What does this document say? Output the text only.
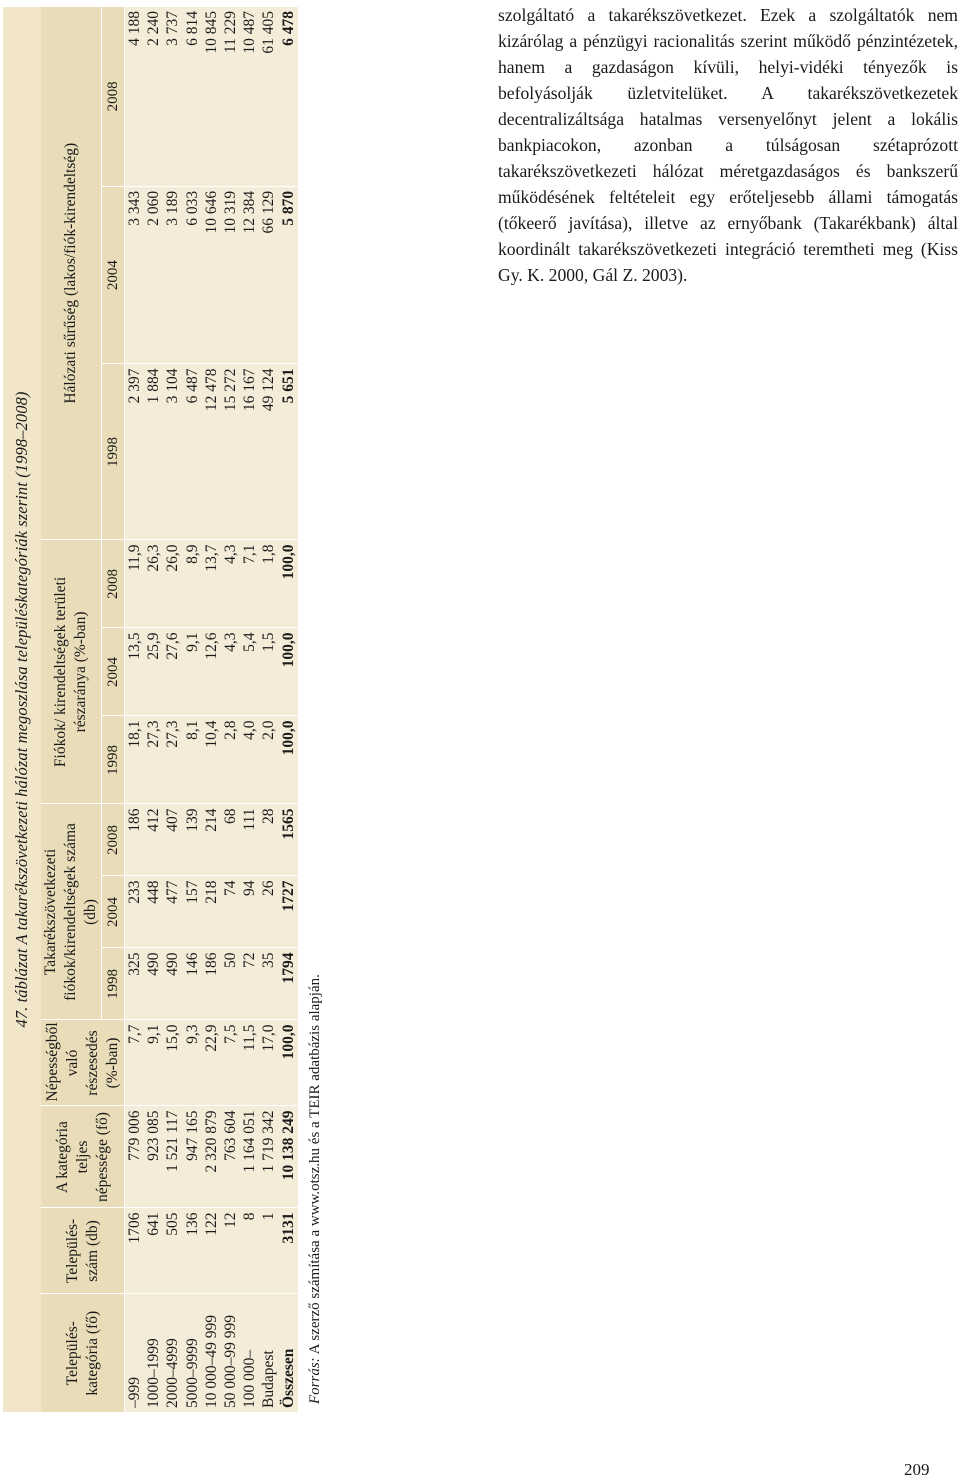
47. táblázat A takarékszövetkezeti hálózat megoszlása településkategóriák szerint (1998–2008)
Település-kategória (fő)	Település-szám (db)	A kategória teljes népessége (fő)	Népességből való részesedés (%-ban)	Takarékszövetkezeti fiókok/kirendeltségek száma (db)			Fiókok/ kirendeltségek területi részaránya (%-ban)			Hálózati sűrűség (lakos/fiók-kirendeltség)		
				1998	2004	2008	1998	2004	2008	1998	2004	2008
–999	1706	779 006	7,7	325	233	186	18,1	13,5	11,9	2 397	3 343	4 188
1000–1999	641	923 085	9,1	490	448	412	27,3	25,9	26,3	1 884	2 060	2 240
2000–4999	505	1 521 117	15,0	490	477	407	27,3	27,6	26,0	3 104	3 189	3 737
5000–9999	136	947 165	9,3	146	157	139	8,1	9,1	8,9	6 487	6 033	6 814
10 000–49 999	122	2 320 879	22,9	186	218	214	10,4	12,6	13,7	12 478	10 646	10 845
50 000–99 999	12	763 604	7,5	50	74	68	2,8	4,3	4,3	15 272	10 319	11 229
100 000–	8	1 164 051	11,5	72	94	111	4,0	5,4	7,1	16 167	12 384	10 487
Budapest	1	1 719 342	17,0	35	26	28	2,0	1,5	1,8	49 124	66 129	61 405
Összesen	3131	10 138 249	100,0	1794	1727	1565	100,0	100,0	100,0	5 651	5 870	6 478
Forrás: A szerző számítása a www.otsz.hu és a TEIR adatbázis alapján.

szolgáltató a takarékszövetkezet. Ezek a szolgáltatók nem kizárólag a pénzügyi racionalitás szerint működő pénzintézetek, hanem a gazdaságon kívüli, helyi-vidéki tényezők is befolyásolják üzletvitelüket. A takarékszövetkezetek decentralizáltsága hatalmas versenyelőnyt jelent a lokális bankpiacokon, azonban a túlságosan szétaprózott takarékszövetkezeti hálózat méretgazdaságos és bankszerű működésének feltételeit egy erőteljesebb állami támogatás (tőkeerő javítása), illetve az ernyőbank (Takarékbank) által koordinált takarékszövetkezeti integráció teremtheti meg (Kiss Gy. K. 2000, Gál Z. 2003).

209
